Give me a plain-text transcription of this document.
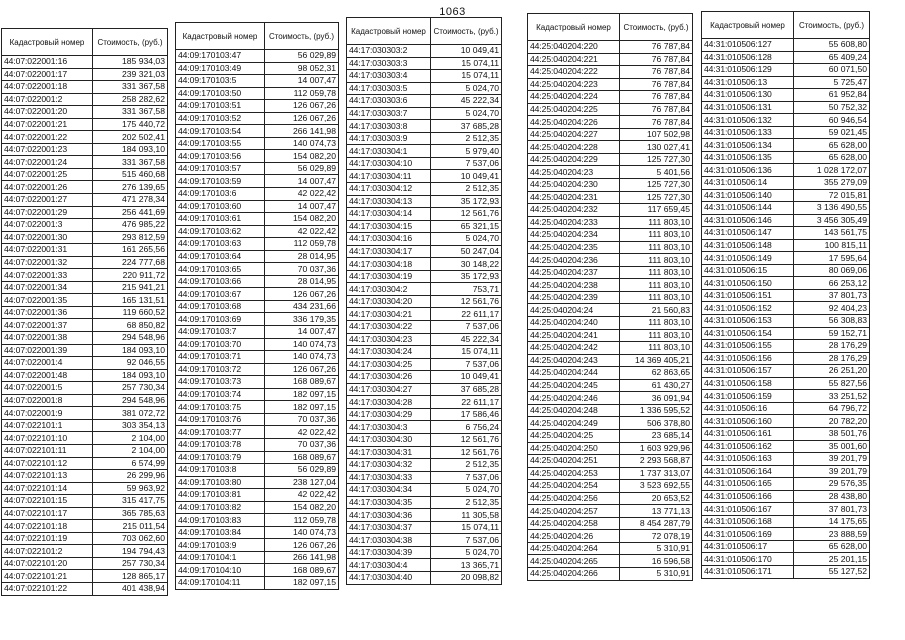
1063
Кадастровый номер	Стоимость, (руб.)
44:07:022001:16	185 934,03
44:07:022001:17	239 321,03
44:07:022001:18	331 367,58
44:07:022001:2	258 282,62
44:07:022001:20	331 367,58
44:07:022001:21	175 440,72
44:07:022001:22	202 502,41
44:07:022001:23	184 093,10
44:07:022001:24	331 367,58
44:07:022001:25	515 460,68
44:07:022001:26	276 139,65
44:07:022001:27	471 278,34
44:07:022001:29	256 441,69
44:07:022001:3	476 985,22
44:07:022001:30	293 812,59
44:07:022001:31	161 265,56
44:07:022001:32	224 777,68
44:07:022001:33	220 911,72
44:07:022001:34	215 941,21
44:07:022001:35	165 131,51
44:07:022001:36	119 660,52
44:07:022001:37	68 850,82
44:07:022001:38	294 548,96
44:07:022001:39	184 093,10
44:07:022001:4	92 046,55
44:07:022001:48	184 093,10
44:07:022001:5	257 730,34
44:07:022001:8	294 548,96
44:07:022001:9	381 072,72
44:07:022101:1	303 354,13
44:07:022101:10	2 104,00
44:07:022101:11	2 104,00
44:07:022101:12	6 574,99
44:07:022101:13	26 299,96
44:07:022101:14	59 963,92
44:07:022101:15	315 417,75
44:07:022101:17	365 785,63
44:07:022101:18	215 011,54
44:07:022101:19	703 062,60
44:07:022101:2	194 794,43
44:07:022101:20	257 730,34
44:07:022101:21	128 865,17
44:07:022101:22	401 438,94
Кадастровый номер	Стоимость, (руб.)
44:09:170103:47	56 029,89
44:09:170103:49	98 052,31
44:09:170103:5	14 007,47
44:09:170103:50	112 059,78
44:09:170103:51	126 067,26
44:09:170103:52	126 067,26
44:09:170103:54	266 141,98
44:09:170103:55	140 074,73
44:09:170103:56	154 082,20
44:09:170103:57	56 029,89
44:09:170103:59	14 007,47
44:09:170103:6	42 022,42
44:09:170103:60	14 007,47
44:09:170103:61	154 082,20
44:09:170103:62	42 022,42
44:09:170103:63	112 059,78
44:09:170103:64	28 014,95
44:09:170103:65	70 037,36
44:09:170103:66	28 014,95
44:09:170103:67	126 067,26
44:09:170103:68	434 231,66
44:09:170103:69	336 179,35
44:09:170103:7	14 007,47
44:09:170103:70	140 074,73
44:09:170103:71	140 074,73
44:09:170103:72	126 067,26
44:09:170103:73	168 089,67
44:09:170103:74	182 097,15
44:09:170103:75	182 097,15
44:09:170103:76	70 037,36
44:09:170103:77	42 022,42
44:09:170103:78	70 037,36
44:09:170103:79	168 089,67
44:09:170103:8	56 029,89
44:09:170103:80	238 127,04
44:09:170103:81	42 022,42
44:09:170103:82	154 082,20
44:09:170103:83	112 059,78
44:09:170103:84	140 074,73
44:09:170103:9	126 067,26
44:09:170104:1	266 141,98
44:09:170104:10	168 089,67
44:09:170104:11	182 097,15
Кадастровый номер	Стоимость, (руб.)
44:17:030303:2	10 049,41
44:17:030303:3	15 074,11
44:17:030303:4	15 074,11
44:17:030303:5	5 024,70
44:17:030303:6	45 222,34
44:17:030303:7	5 024,70
44:17:030303:8	37 685,28
44:17:030303:9	2 512,35
44:17:030304:1	5 979,40
44:17:030304:10	7 537,06
44:17:030304:11	10 049,41
44:17:030304:12	2 512,35
44:17:030304:13	35 172,93
44:17:030304:14	12 561,76
44:17:030304:15	65 321,15
44:17:030304:16	5 024,70
44:17:030304:17	50 247,04
44:17:030304:18	30 148,22
44:17:030304:19	35 172,93
44:17:030304:2	753,71
44:17:030304:20	12 561,76
44:17:030304:21	22 611,17
44:17:030304:22	7 537,06
44:17:030304:23	45 222,34
44:17:030304:24	15 074,11
44:17:030304:25	7 537,06
44:17:030304:26	10 049,41
44:17:030304:27	37 685,28
44:17:030304:28	22 611,17
44:17:030304:29	17 586,46
44:17:030304:3	6 756,24
44:17:030304:30	12 561,76
44:17:030304:31	12 561,76
44:17:030304:32	2 512,35
44:17:030304:33	7 537,06
44:17:030304:34	5 024,70
44:17:030304:35	2 512,35
44:17:030304:36	11 305,58
44:17:030304:37	15 074,11
44:17:030304:38	7 537,06
44:17:030304:39	5 024,70
44:17:030304:4	13 365,71
44:17:030304:40	20 098,82
Кадастровый номер	Стоимость, (руб.)
44:25:040204:220	76 787,84
44:25:040204:221	76 787,84
44:25:040204:222	76 787,84
44:25:040204:223	76 787,84
44:25:040204:224	76 787,84
44:25:040204:225	76 787,84
44:25:040204:226	76 787,84
44:25:040204:227	107 502,98
44:25:040204:228	130 027,41
44:25:040204:229	125 727,30
44:25:040204:23	5 401,56
44:25:040204:230	125 727,30
44:25:040204:231	125 727,30
44:25:040204:232	117 659,45
44:25:040204:233	111 803,10
44:25:040204:234	111 803,10
44:25:040204:235	111 803,10
44:25:040204:236	111 803,10
44:25:040204:237	111 803,10
44:25:040204:238	111 803,10
44:25:040204:239	111 803,10
44:25:040204:24	21 560,83
44:25:040204:240	111 803,10
44:25:040204:241	111 803,10
44:25:040204:242	111 803,10
44:25:040204:243	14 369 405,21
44:25:040204:244	62 863,65
44:25:040204:245	61 430,27
44:25:040204:246	36 091,94
44:25:040204:248	1 336 595,52
44:25:040204:249	506 378,80
44:25:040204:25	23 685,14
44:25:040204:250	1 603 929,96
44:25:040204:251	2 293 568,87
44:25:040204:253	1 737 313,07
44:25:040204:254	3 523 692,55
44:25:040204:256	20 653,52
44:25:040204:257	13 771,13
44:25:040204:258	8 454 287,79
44:25:040204:26	72 078,19
44:25:040204:264	5 310,91
44:25:040204:265	16 596,58
44:25:040204:266	5 310,91
Кадастровый номер	Стоимость, (руб.)
44:31:010506:127	55 608,80
44:31:010506:128	65 409,24
44:31:010506:129	60 071,50
44:31:010506:13	5 725,47
44:31:010506:130	61 952,84
44:31:010506:131	50 752,32
44:31:010506:132	60 946,54
44:31:010506:133	59 021,45
44:31:010506:134	65 628,00
44:31:010506:135	65 628,00
44:31:010506:136	1 028 172,07
44:31:010506:14	355 279,09
44:31:010506:140	72 015,81
44:31:010506:144	3 136 490,55
44:31:010506:146	3 456 305,49
44:31:010506:147	143 561,75
44:31:010506:148	100 815,11
44:31:010506:149	17 595,64
44:31:010506:15	80 069,06
44:31:010506:150	66 253,12
44:31:010506:151	37 801,73
44:31:010506:152	92 404,23
44:31:010506:153	56 308,83
44:31:010506:154	59 152,71
44:31:010506:155	28 176,29
44:31:010506:156	28 176,29
44:31:010506:157	26 251,20
44:31:010506:158	55 827,56
44:31:010506:159	33 251,52
44:31:010506:16	64 796,72
44:31:010506:160	20 782,20
44:31:010506:161	38 501,76
44:31:010506:162	35 001,60
44:31:010506:163	39 201,79
44:31:010506:164	39 201,79
44:31:010506:165	29 576,35
44:31:010506:166	28 438,80
44:31:010506:167	37 801,73
44:31:010506:168	14 175,65
44:31:010506:169	23 888,59
44:31:010506:17	65 628,00
44:31:010506:170	25 201,15
44:31:010506:171	55 127,52
